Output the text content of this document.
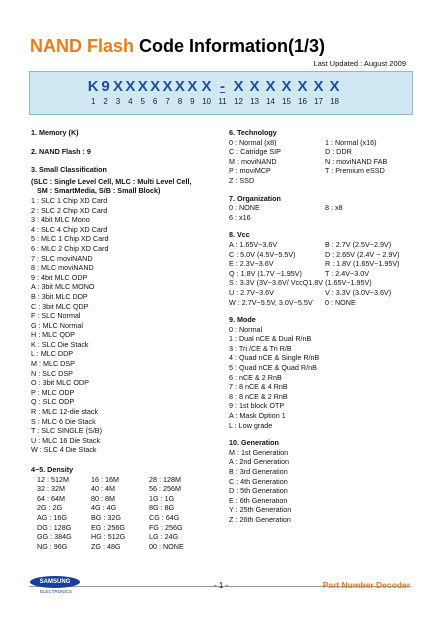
NAND Flash Code Information(1/3)
Last Updated : August 2009
K 9 X X X X X X X X - X X X X X X X
1 2 3 4 5 6 7 8 9 10 11 12 13 14 15 16 17 18
1. Memory (K)
2. NAND Flash : 9
3. Small Classification
(SLC : Single Level Cell, MLC : Multi Level Cell,
SM : SmartMedia, S/B : Small Block)
1 : SLC 1 Chip XD Card
2 : SLC 2 Chip XD Card
3 : 4bit MLC Mono
4 : SLC 4 Chip XD Card
5 : MLC 1 Chip XD Card
6 : MLC 2 Chip XD Card
7 : SLC moviNAND
8 : MLC moviNAND
9 : 4bit MLC ODP
A : 3bit MLC MONO
B : 3bit MLC DDP
C : 3bit MLC QDP
F : SLC Normal
G : MLC Normal
H : MLC QDP
K : SLC Die Stack
L : MLC DDP
M : MLC DSP
N : SLC DSP
O : 3bit MLC ODP
P : MLC ODP
Q : SLC ODP
R : MLC 12-die stack
S : MLC 6 Die Stack
T : SLC SINGLE (S/B)
U : MLC 16 Die Stack
W : SLC 4 Die Stack
4~5. Density
12 : 512M	16 : 16M	28 : 128M
32 : 32M	40 : 4M	56 : 256M
64 : 64M	80 : 8M	1G : 1G
2G : 2G	4G : 4G	8G : 8G
AG : 16G	BG : 32G	CG : 64G
DG : 128G	EG : 256G	FG : 256G
GG : 384G	HG : 512G	LG : 24G
NG : 96G	ZG : 48G	00 : NONE
6. Technology
0 : Normal (x8)	1 : Normal (x16)
C : Catridge SIP	D : DDR
M : moviNAND	N : moviNAND FAB
P : moviMCP	T : Premium eSSD
Z : SSD
7. Organization
0 : NONE	8 : x8
6 : x16
8. Vcc
A : 1.65V~3.6V	B : 2.7V (2.5V~2.9V)
C : 5.0V (4.5V~5.5V)	D : 2.65V (2.4V ~ 2.9V)
E : 2.3V~3.6V	R : 1.8V (1.65V~1.95V)
Q : 1.8V (1.7V ~1.95V)	T : 2.4V~3.0V
S : 3.3V (3V~3.6V/ VccQ1.8V (1.65V~1.95V)
U : 2.7V~3.6V	V : 3.3V (3.0V~3.6V)
W : 2.7V~5.5V, 3.0V~5.5V	0 : NONE
9. Mode
0 : Normal
1 : Dual nCE & Dual R/nB
3 : Tri /CE & Tri R/B
4 : Quad nCE & Single R/nB
5 : Quad nCE & Quad R/nB
6 : nCE & 2 RnB
7 : 8 nCE & 4 RnB
8 : 8 nCE & 2 RnB
9 : 1st block OTP
A : Mask Option 1
L : Low grade
10. Generation
M : 1st Generation
A : 2nd Generation
B : 3rd Generation
C : 4th Generation
D : 5th Generation
E : 6th Generation
Y : 25th Generation
Z : 26th Generation
SAMSUNG
ELECTRONICS
- 1 -	Part Number Decoder
